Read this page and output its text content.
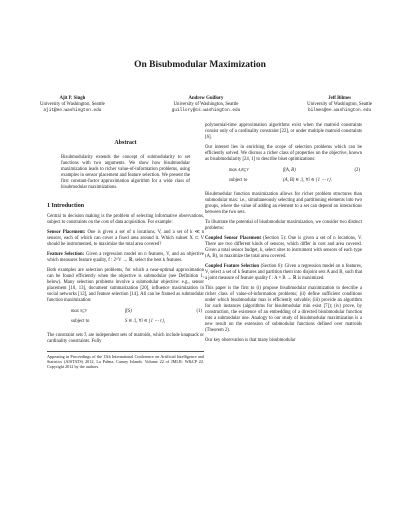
On Bisubmodular Maximization
Ajit P. Singh
University of Washington, Seattle
ajit@ee.washington.edu
Andrew Guillory
University of Washington, Seattle
guillory@cs.washington.edu
Jeff Bilmes
University of Washington, Seattle
bilmes@ee.washington.edu
Abstract
Bisubmodularity extends the concept of submodularity to set functions with two arguments. We show how bisubmodular maximization leads to richer value-of-information problems, using examples in sensor placement and feature selection. We present the first constant-factor approximation algorithm for a wide class of bisubmodular maximizations.
1 Introduction
Central to decision making is the problem of selecting informative observations, subject to constraints on the cost of data acquisition. For example:
Sensor Placement: One is given a set of n locations, V, and a set of k ≪ n sensors, each of which can cover a fixed area around it. Which subset X ⊂ V should be instrumented, to maximize the total area covered?
Feature Selection: Given a regression model on n features, V, and an objective which measures feature quality, f : 2^V → ℝ, select the best k features.
Both examples are selection problems, for which a near-optimal approximation can be found efficiently when the objective is submodular (see Definition 1, below). Many selection problems involve a submodular objective: e.g., sensor placement [10, 13], document summarization [20], influence maximization in social networks [12], and feature selection [14]. All can be framed as submodular function maximization:
max S⊆V	f(S)	(1)
subject to	S ∈ ℐᵢ, ∀i ∈ {1 ⋯ r},
The constraint sets ℐᵢ are independent sets of matroids, which include knapsack or cardinality constraints. Fully
Appearing in Proceedings of the 15th International Conference on Artificial Intelligence and Statistics (AISTATS) 2012, La Palma, Canary Islands. Volume 22 of JMLR: W&CP 22. Copyright 2012 by the authors.
polynomial-time approximation algorithms exist when the matroid constraints consist only of a cardinality constraint [22], or under multiple matroid constraints [6].
Our interest lies in enriching the scope of selection problems which can be efficiently solved. We discuss a richer class of properties on the objective, known as bisubmodularity [24, 1] to describe biset optimizations:
max A,B⊆V	f(A, B)	(2)
subject to	(A, B) ∈ ℐᵢ, ∀i ∈ {1 ⋯ r}.
Bisubmodular function maximization allows for richer problem structures than submodular max: i.e., simultaneously selecting and partitioning elements into two groups, where the value of adding an element to a set can depend on interactions between the two sets.
To illustrate the potential of bisubmodular maximization, we consider two distinct problems:
Coupled Sensor Placement (Section 5): One is given a set of n locations, V. There are two different kinds of sensors, which differ in cost and area covered. Given a total sensor budget, k, select sites to instrument with sensors of each type (A, B), to maximize the total area covered.
Coupled Feature Selection (Section 6): Given a regression model on n features, V, select a set of k features and partition them into disjoint sets A and B, such that a joint measure of feature quality f : A × B → ℝ is maximized.
This paper is the first to (i) propose bisubmodular maximization to describe a richer class of value-of-information problems; (ii) define sufficient conditions under which bisubmodular max is efficiently solvable; (iii) provide an algorithm for such instances (algorithms for bisubmodular min exist [7]); (iv) prove, by construction, the existence of an embedding of a directed bisubmodular function into a submodular one. Analogy to our study of bisubmodular maximization is a new result on the extension of submodular functions defined over matroids (Theorem 2).
Our key observation is that many bisubmodular
